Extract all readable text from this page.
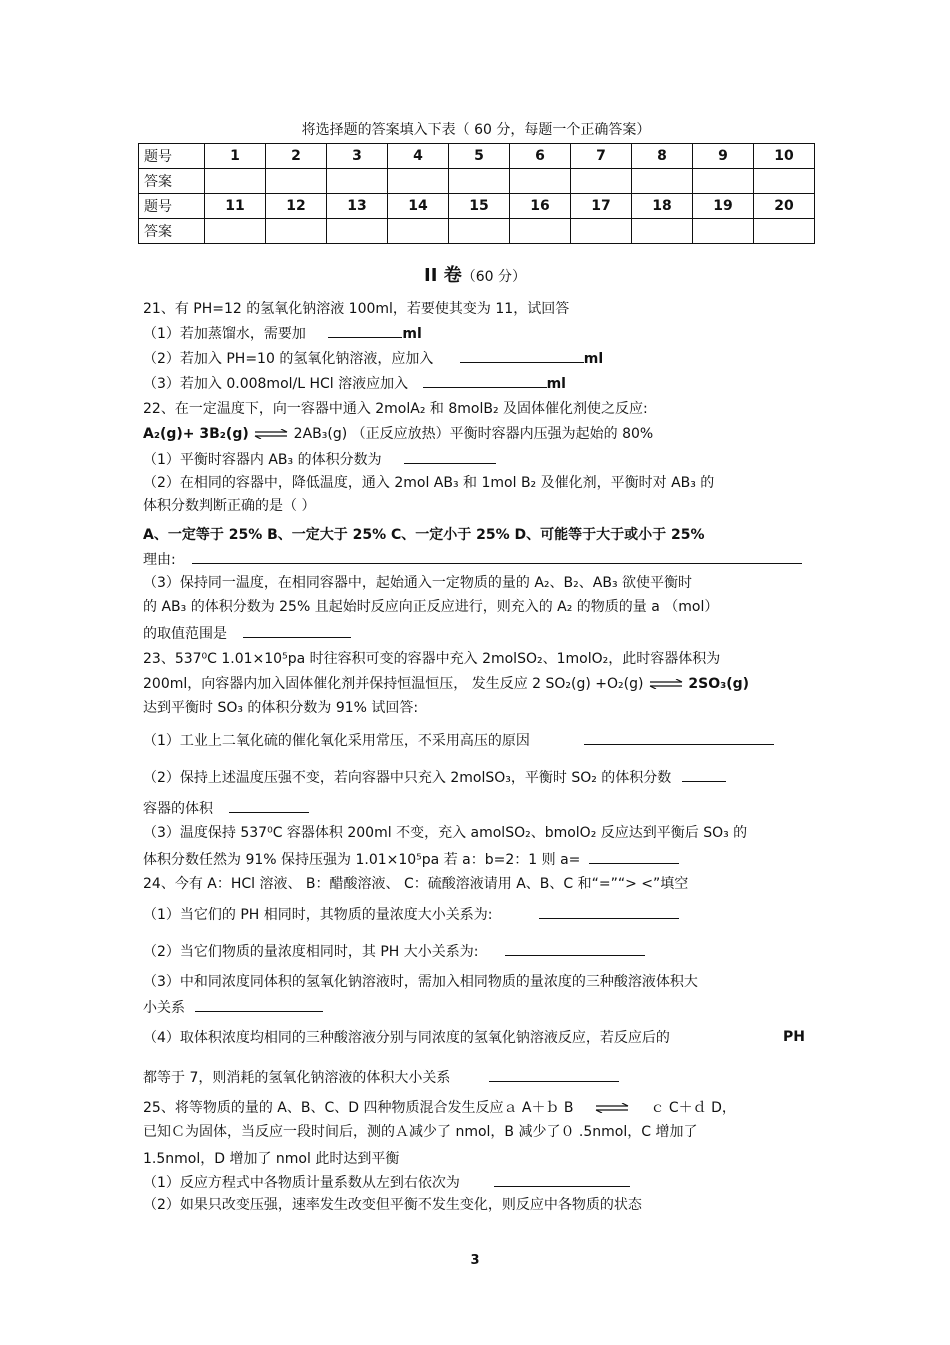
将选择题的答案填入下表（ 60 分，每题一个正确答案）
题号	1	2	3	4	5	6	7	8	9	10
答案										
题号	11	12	13	14	15	16	17	18	19	20
答案										
II 卷（60 分）
21、有 PH=12 的氢氧化钠溶液 100ml，若要使其变为 11，试回答
（1）若加蒸馏水，需要加	ml
（2）若加入 PH=10 的氢氧化钠溶液，应加入	ml
（3）若加入 0.008mol/L HCl 溶液应加入	ml
22、在一定温度下，向一容器中通入 2molA₂ 和 8molB₂ 及固体催化剂使之反应:
A₂(g)+ 3B₂(g) ⇌ 2AB₃(g) （正反应放热）平衡时容器内压强为起始的 80%
（1）平衡时容器内 AB₃ 的体积分数为
（2）在相同的容器中，降低温度，通入 2mol AB₃ 和 1mol B₂ 及催化剂，平衡时对 AB₃ 的
体积分数判断正确的是（ ）
A、一定等于 25% B、一定大于 25% C、一定小于 25% D、可能等于大于或小于 25%
理由:
（3）保持同一温度，在相同容器中，起始通入一定物质的量的 A₂、B₂、AB₃ 欲使平衡时
的 AB₃ 的体积分数为 25% 且起始时反应向正反应进行，则充入的 A₂ 的物质的量 a （mol）
的取值范围是
23、537⁰C 1.01×10⁵pa 时往容积可变的容器中充入 2molSO₂、1molO₂，此时容器体积为
200ml，向容器内加入固体催化剂并保持恒温恒压， 发生反应 2 SO₂(g) +O₂(g) ⇌ 2SO₃(g)
达到平衡时 SO₃ 的体积分数为 91% 试回答:
（1）工业上二氧化硫的催化氧化采用常压，不采用高压的原因
（2）保持上述温度压强不变，若向容器中只充入 2molSO₃，平衡时 SO₂ 的体积分数
容器的体积
（3）温度保持 537⁰C 容器体积 200ml 不变，充入 amolSO₂、bmolO₂ 反应达到平衡后 SO₃ 的
体积分数任然为 91% 保持压强为 1.01×10⁵pa 若 a：b=2：1 则 a=
24、今有 A：HCl 溶液、 B：醋酸溶液、 C：硫酸溶液请用 A、B、C 和“=”“> <”填空
（1）当它们的 PH 相同时，其物质的量浓度大小关系为:
（2）当它们物质的量浓度相同时，其 PH 大小关系为:
（3）中和同浓度同体积的氢氧化钠溶液时，需加入相同物质的量浓度的三种酸溶液体积大
小关系
（4）取体积浓度均相同的三种酸溶液分别与同浓度的氢氧化钠溶液反应，若反应后的	PH
都等于 7，则消耗的氢氧化钠溶液的体积大小关系
25、将等物质的量的 A、B、C、D 四种物质混合发生反应ａ A＋ｂ B ⇌ ｃ C＋ｄ D，
已知Ｃ为固体，当反应一段时间后，测的Ａ减少了 nmol，B 减少了０ .5nmol，C 增加了
1.5nmol，D 增加了 nmol 此时达到平衡
（1）反应方程式中各物质计量系数从左到右依次为
（2）如果只改变压强，速率发生改变但平衡不发生变化，则反应中各物质的状态
3
